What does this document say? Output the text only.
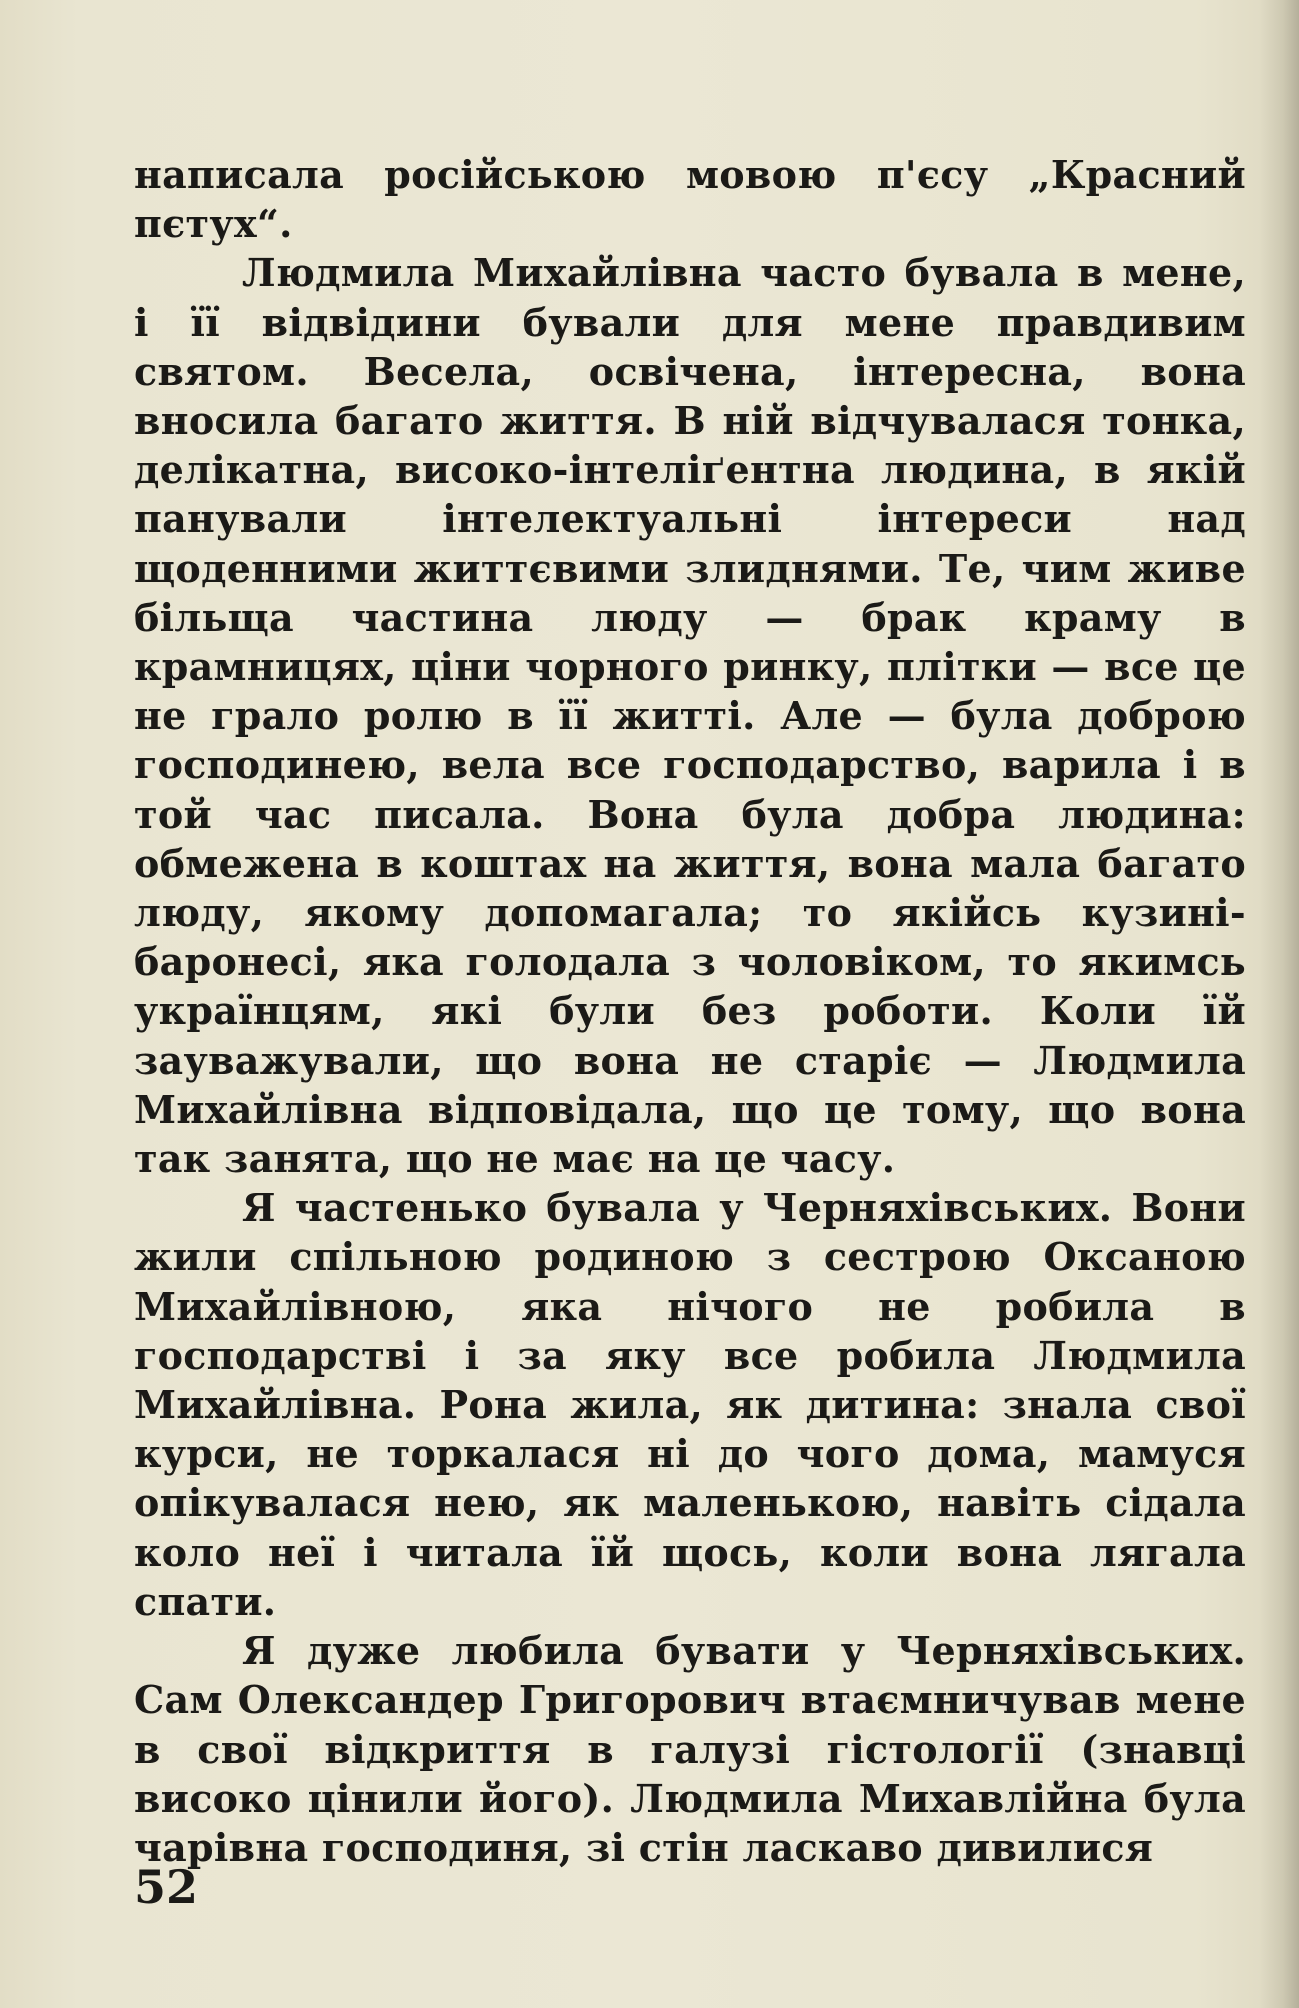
написала російською мовою п'єсу „Красний пєтух“.

Людмила Михайлівна часто бувала в мене, і її відвідини бували для мене правдивим святом. Весела, освічена, інтересна, вона вносила багато життя. В ній відчувалася тонка, делікатна, високо-інтеліґентна людина, в якій панували інтелектуальні інтереси над щоденними життєвими злиднями. Те, чим живе більща частина люду — брак краму в крамницях, ціни чорного ринку, плітки — все це не грало ролю в її житті. Але — була доброю господинею, вела все господарство, варила і в той час писала. Вона була добра людина: обмежена в коштах на життя, вона мала багато люду, якому допомагала; то якійсь кузині-баронесі, яка голодала з чоловіком, то якимсь українцям, які були без роботи. Коли їй зауважували, що вона не старіє — Людмила Михайлівна відповідала, що це тому, що вона так занята, що не має на це часу.

Я частенько бувала у Черняхівських. Вони жили спільною родиною з сестрою Оксаною Михайлівною, яка нічого не робила в господарстві і за яку все робила Людмила Михайлівна. Рона жила, як дитина: знала свої курси, не торкалася ні до чого дома, мамуся опікувалася нею, як маленькою, навіть сідала коло неї і читала їй щось, коли вона лягала спати.

Я дуже любила бувати у Черняхівських. Сам Олександер Григорович втаємничував мене в свої відкриття в галузі гістології (знавці високо цінили його). Людмила Михавлійна була чарівна господиня, зі стін ласкаво дивилися

52
